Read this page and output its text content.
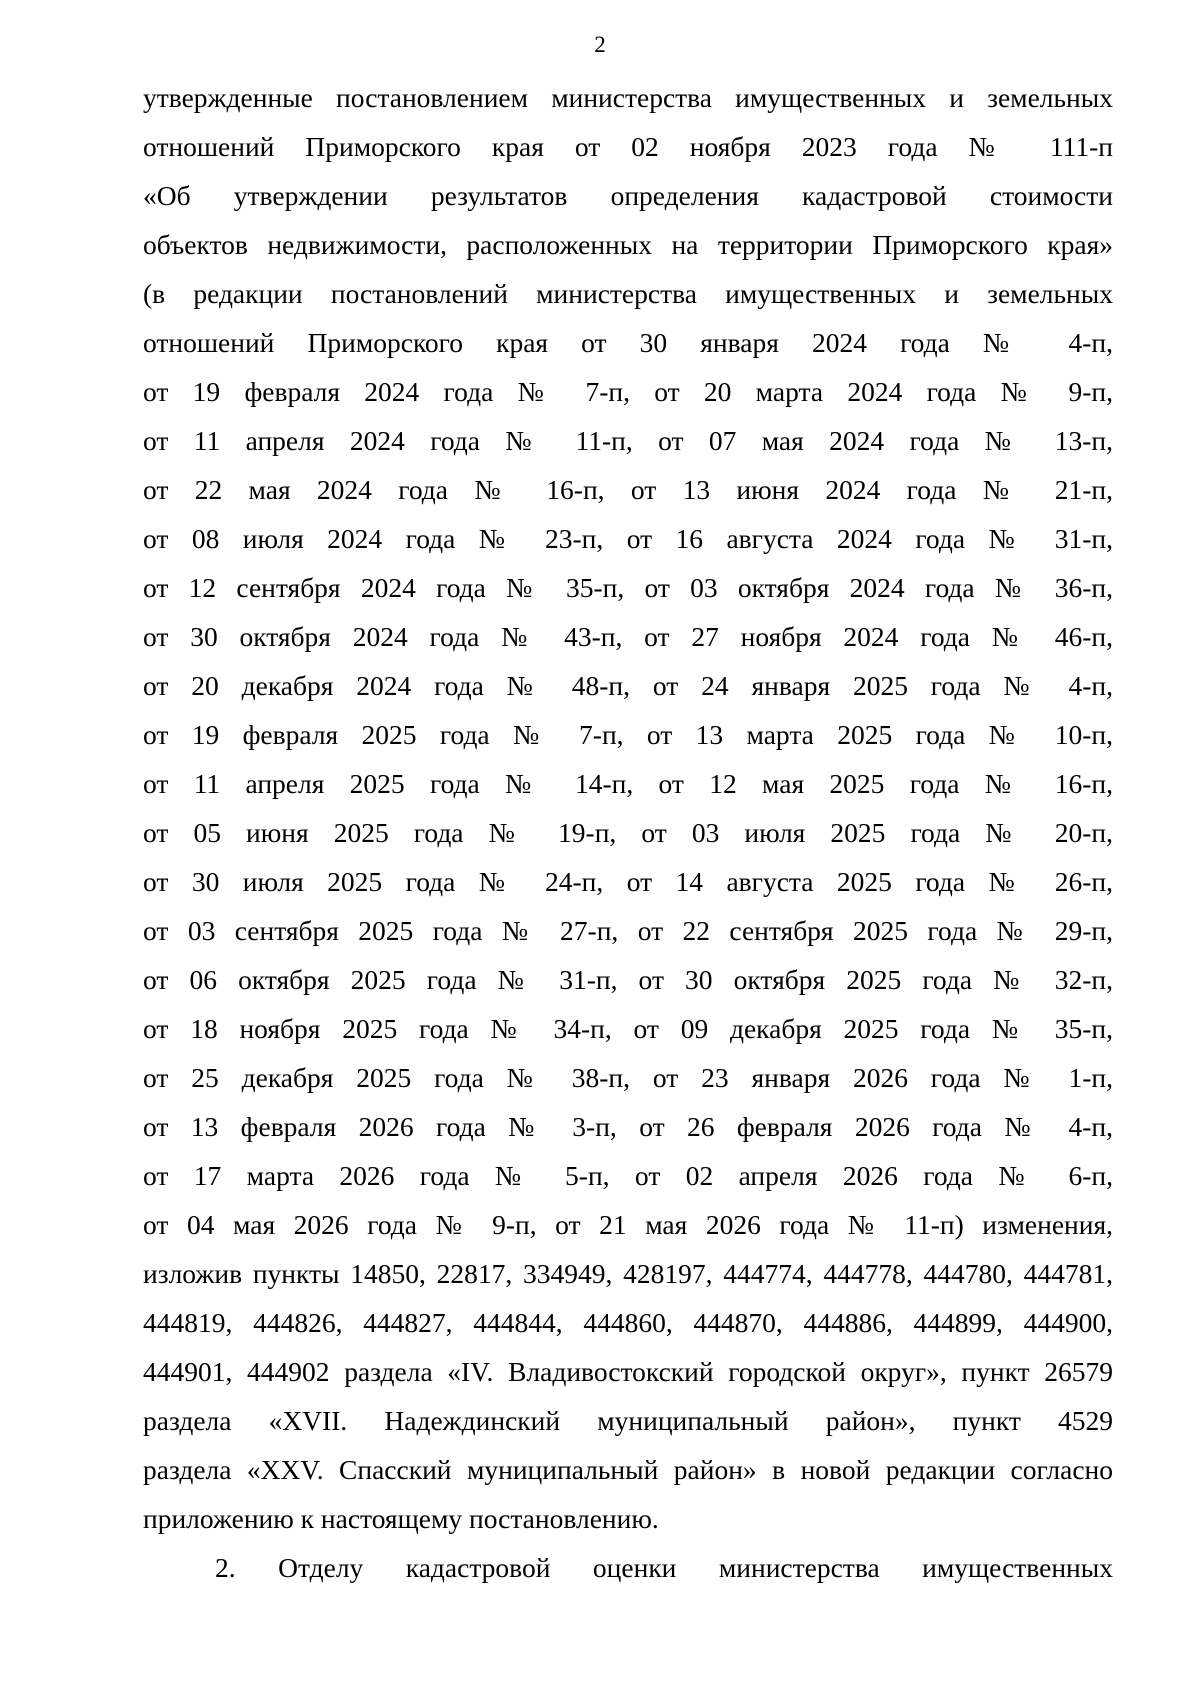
2
утвержденные постановлением министерства имущественных и земельных
отношений Приморского края от 02 ноября 2023 года № 111-п
«Об утверждении результатов определения кадастровой стоимости
объектов недвижимости, расположенных на территории Приморского края»
(в редакции постановлений министерства имущественных и земельных
отношений Приморского края от 30 января 2024 года № 4-п,
от 19 февраля 2024 года № 7-п, от 20 марта 2024 года № 9-п,
от 11 апреля 2024 года № 11-п, от 07 мая 2024 года № 13-п,
от 22 мая 2024 года № 16-п, от 13 июня 2024 года № 21-п,
от 08 июля 2024 года № 23-п, от 16 августа 2024 года № 31-п,
от 12 сентября 2024 года № 35-п, от 03 октября 2024 года № 36-п,
от 30 октября 2024 года № 43-п, от 27 ноября 2024 года № 46-п,
от 20 декабря 2024 года № 48-п, от 24 января 2025 года № 4-п,
от 19 февраля 2025 года № 7-п, от 13 марта 2025 года № 10-п,
от 11 апреля 2025 года № 14-п, от 12 мая 2025 года № 16-п,
от 05 июня 2025 года № 19-п, от 03 июля 2025 года № 20-п,
от 30 июля 2025 года № 24-п, от 14 августа 2025 года № 26-п,
от 03 сентября 2025 года № 27-п, от 22 сентября 2025 года № 29-п,
от 06 октября 2025 года № 31-п, от 30 октября 2025 года № 32-п,
от 18 ноября 2025 года № 34-п, от 09 декабря 2025 года № 35-п,
от 25 декабря 2025 года № 38-п, от 23 января 2026 года № 1-п,
от 13 февраля 2026 года № 3-п, от 26 февраля 2026 года № 4-п,
от 17 марта 2026 года № 5-п, от 02 апреля 2026 года № 6-п,
от 04 мая 2026 года № 9-п, от 21 мая 2026 года № 11-п) изменения,
изложив пункты 14850, 22817, 334949, 428197, 444774, 444778, 444780, 444781,
444819, 444826, 444827, 444844, 444860, 444870, 444886, 444899, 444900,
444901, 444902 раздела «IV. Владивостокский городской округ», пункт 26579
раздела «XVII. Надеждинский муниципальный район», пункт 4529
раздела «XXV. Спасский муниципальный район» в новой редакции согласно
приложению к настоящему постановлению.
2. Отделу кадастровой оценки министерства имущественных
